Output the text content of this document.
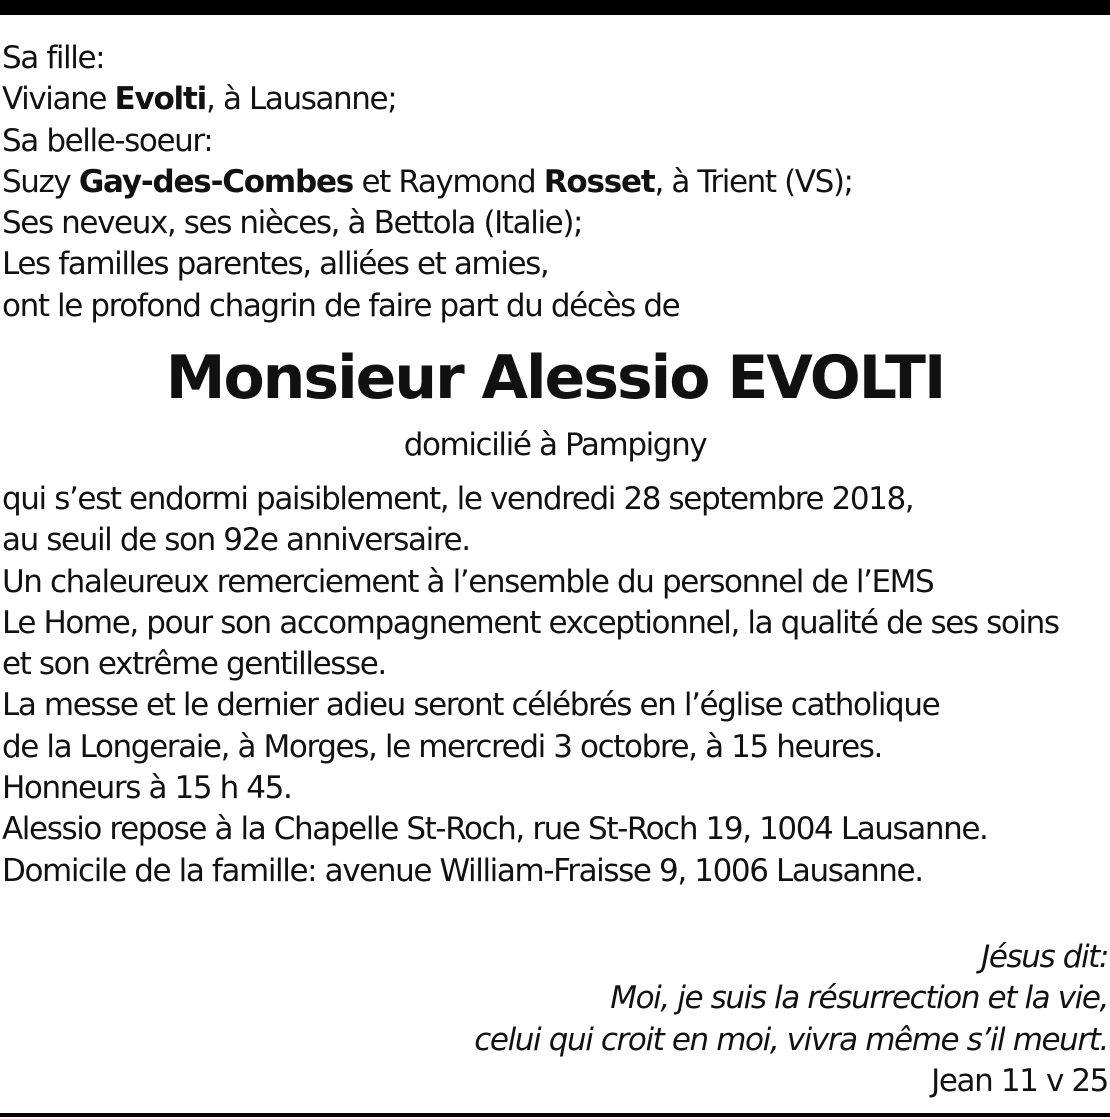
Sa fille:
Viviane Evolti, à Lausanne;
Sa belle-soeur:
Suzy Gay-des-Combes et Raymond Rosset, à Trient (VS);
Ses neveux, ses nièces, à Bettola (Italie);
Les familles parentes, alliées et amies,
ont le profond chagrin de faire part du décès de
Monsieur Alessio EVOLTI
domicilié à Pampigny
qui s’est endormi paisiblement, le vendredi 28 septembre 2018,
au seuil de son 92e anniversaire.
Un chaleureux remerciement à l’ensemble du personnel de l’EMS
Le Home, pour son accompagnement exceptionnel, la qualité de ses soins
et son extrême gentillesse.
La messe et le dernier adieu seront célébrés en l’église catholique
de la Longeraie, à Morges, le mercredi 3 octobre, à 15 heures.
Honneurs à 15 h 45.
Alessio repose à la Chapelle St-Roch, rue St-Roch 19, 1004 Lausanne.
Domicile de la famille: avenue William-Fraisse 9, 1006 Lausanne.
Jésus dit:
Moi, je suis la résurrection et la vie,
celui qui croit en moi, vivra même s’il meurt.
Jean 11 v 25
